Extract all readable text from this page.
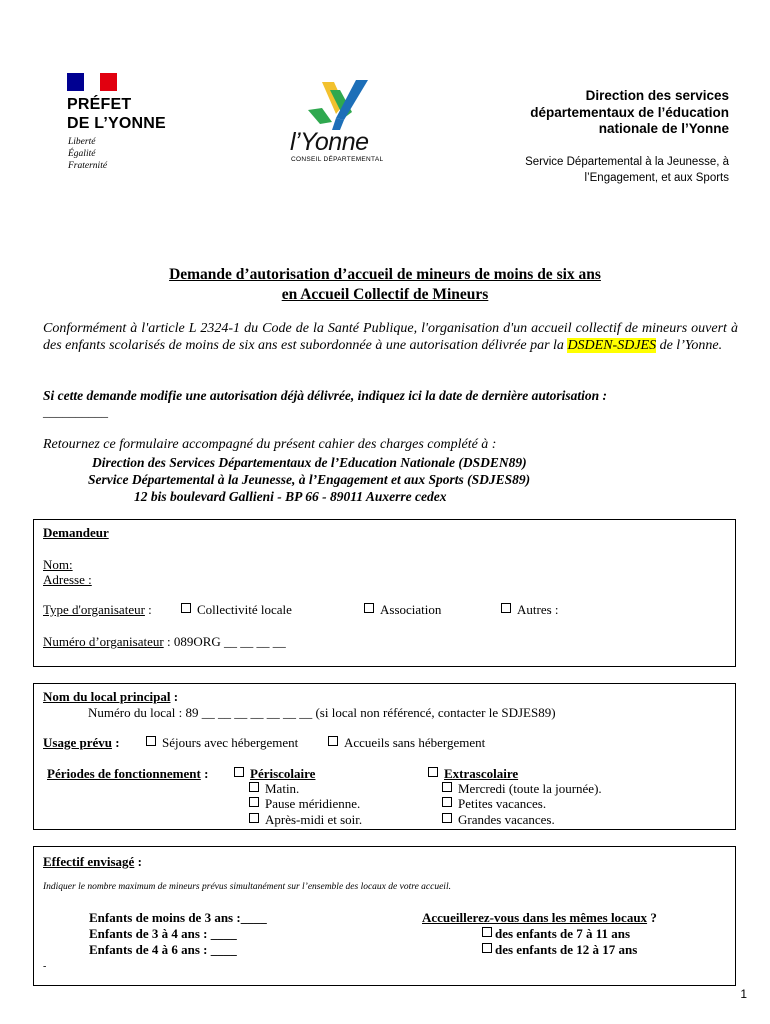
PRÉFET
DE L’YONNE
Liberté
Égalité
Fraternité
l’Yonne
CONSEIL DÉPARTEMENTAL
Direction des services
départementaux de l’éducation
nationale de l’Yonne
Service Départemental à la Jeunesse, à
l’Engagement, et aux Sports
Demande d’autorisation d’accueil de mineurs de moins de six ans
en Accueil Collectif de Mineurs
Conformément à l'article L 2324-1 du Code de la Santé Publique, l'organisation d'un accueil collectif de mineurs ouvert à des enfants scolarisés de moins de six ans est subordonnée à une autorisation délivrée par la DSDEN-SDJES de l’Yonne.
Si cette demande modifie une autorisation déjà délivrée, indiquez ici la date de dernière autorisation :
__________
Retournez ce formulaire accompagné du présent cahier des charges complété à :
Direction des Services Départementaux de l’Education Nationale (DSDEN89)
Service Départemental à la Jeunesse, à l’Engagement et aux Sports (SDJES89)
12 bis boulevard Gallieni - BP 66 - 89011 Auxerre cedex
Demandeur
Nom:
Adresse :
Type d'organisateur :	Collectivité locale	Association	Autres :
Numéro d’organisateur : 089ORG __ __ __ __
Nom du local principal :
Numéro du local : 89 __ __ __ __ __ __ __ (si local non référencé, contacter le SDJES89)
Usage prévu :	Séjours avec hébergement	Accueils sans hébergement
Périodes de fonctionnement :	Périscolaire
Matin.
Pause méridienne.
Après-midi et soir.
Extrascolaire
Mercredi (toute la journée).
Petites vacances.
Grandes vacances.
Effectif envisagé :
Indiquer le nombre maximum de mineurs prévus simultanément sur l’ensemble des locaux de votre accueil.
Enfants de moins de 3 ans :____
Enfants de 3 à 4 ans : ____
Enfants de 4 à 6 ans : ____
Accueillerez-vous dans les mêmes locaux ?
des enfants de 7 à 11 ans
des enfants de 12 à 17 ans
-
1
